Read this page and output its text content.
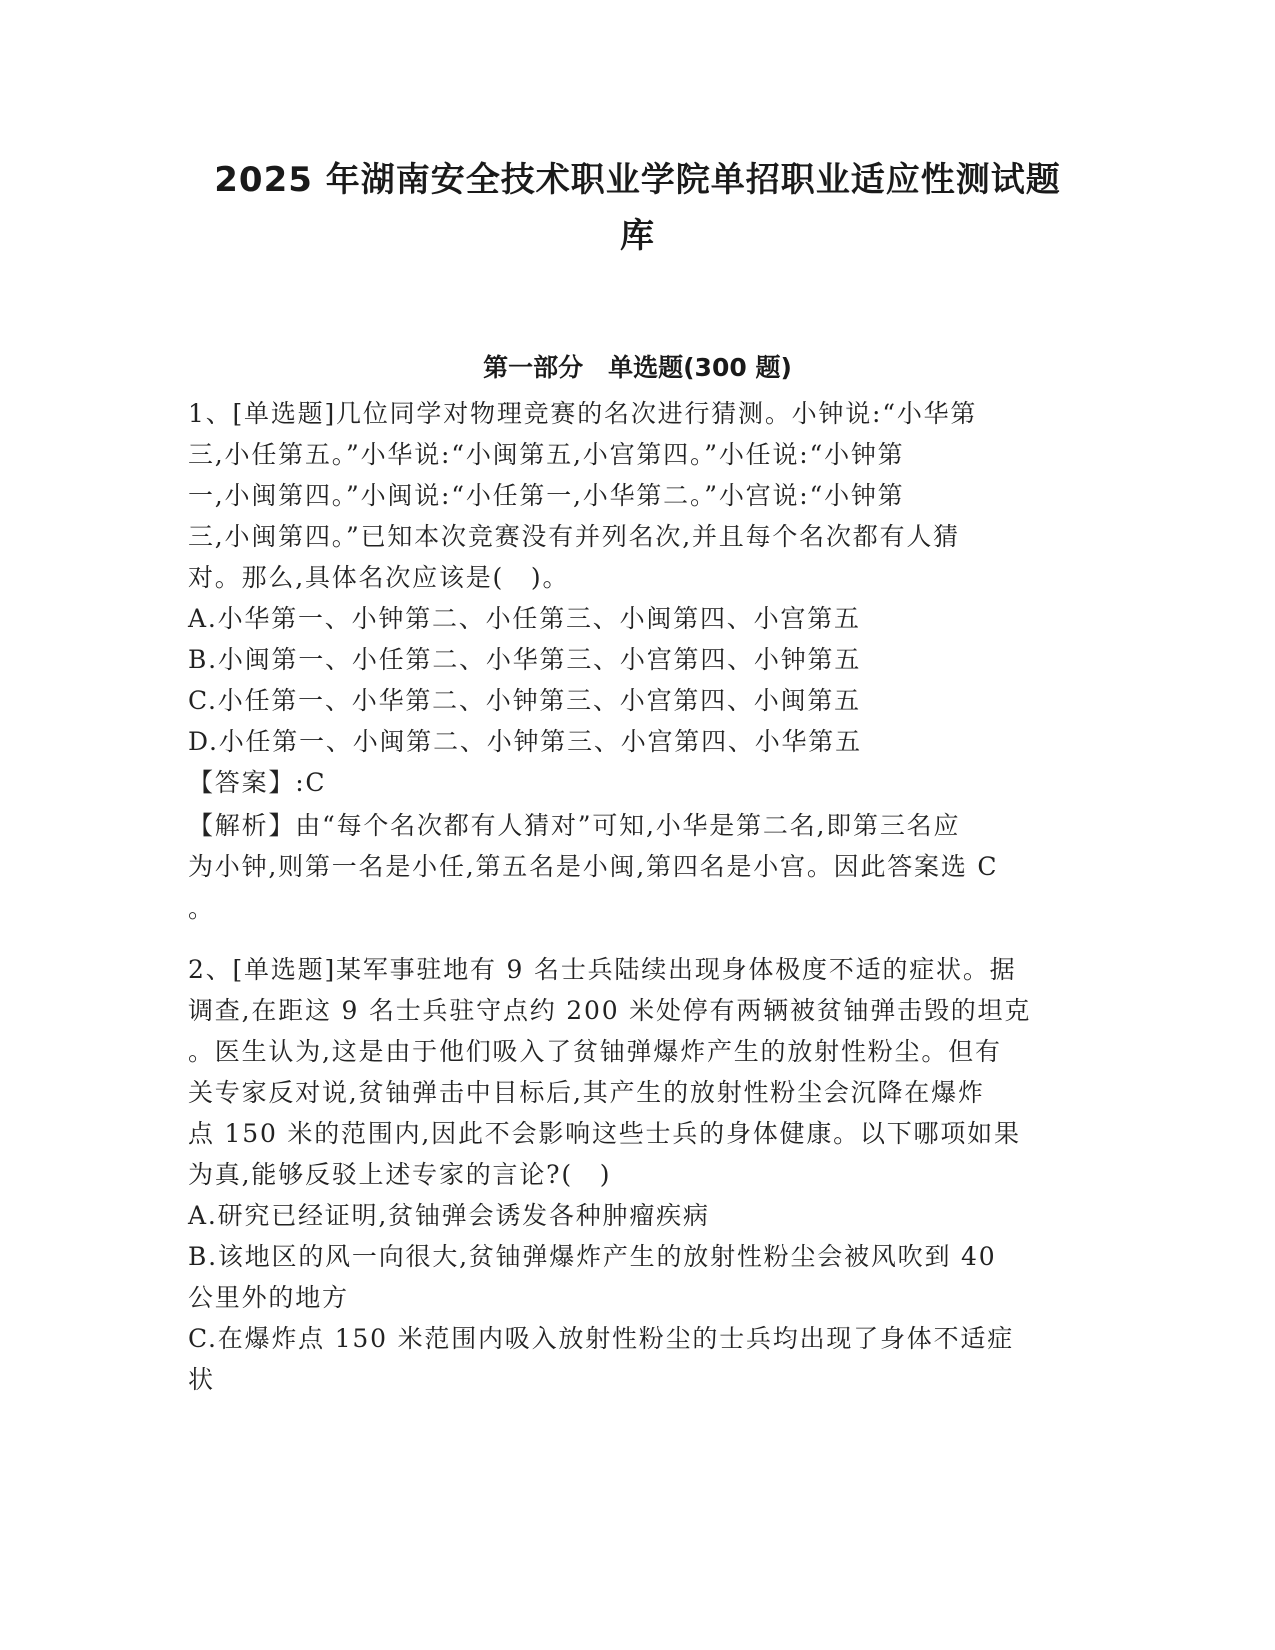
2025 年湖南安全技术职业学院单招职业适应性测试题
库
第一部分　单选题(300 题)
1、[单选题]几位同学对物理竞赛的名次进行猜测。小钟说:“小华第
三,小任第五。”小华说:“小闽第五,小宫第四。”小任说:“小钟第
一,小闽第四。”小闽说:“小任第一,小华第二。”小宫说:“小钟第
三,小闽第四。”已知本次竞赛没有并列名次,并且每个名次都有人猜
对。那么,具体名次应该是(　)。
A.小华第一、小钟第二、小任第三、小闽第四、小宫第五
B.小闽第一、小任第二、小华第三、小宫第四、小钟第五
C.小任第一、小华第二、小钟第三、小宫第四、小闽第五
D.小任第一、小闽第二、小钟第三、小宫第四、小华第五
【答案】:C
【解析】由“每个名次都有人猜对”可知,小华是第二名,即第三名应
为小钟,则第一名是小任,第五名是小闽,第四名是小宫。因此答案选 C
。
2、[单选题]某军事驻地有 9 名士兵陆续出现身体极度不适的症状。据
调查,在距这 9 名士兵驻守点约 200 米处停有两辆被贫铀弹击毁的坦克
。医生认为,这是由于他们吸入了贫铀弹爆炸产生的放射性粉尘。但有
关专家反对说,贫铀弹击中目标后,其产生的放射性粉尘会沉降在爆炸
点 150 米的范围内,因此不会影响这些士兵的身体健康。以下哪项如果
为真,能够反驳上述专家的言论?(　)
A.研究已经证明,贫铀弹会诱发各种肿瘤疾病
B.该地区的风一向很大,贫铀弹爆炸产生的放射性粉尘会被风吹到 40
公里外的地方
C.在爆炸点 150 米范围内吸入放射性粉尘的士兵均出现了身体不适症
状
